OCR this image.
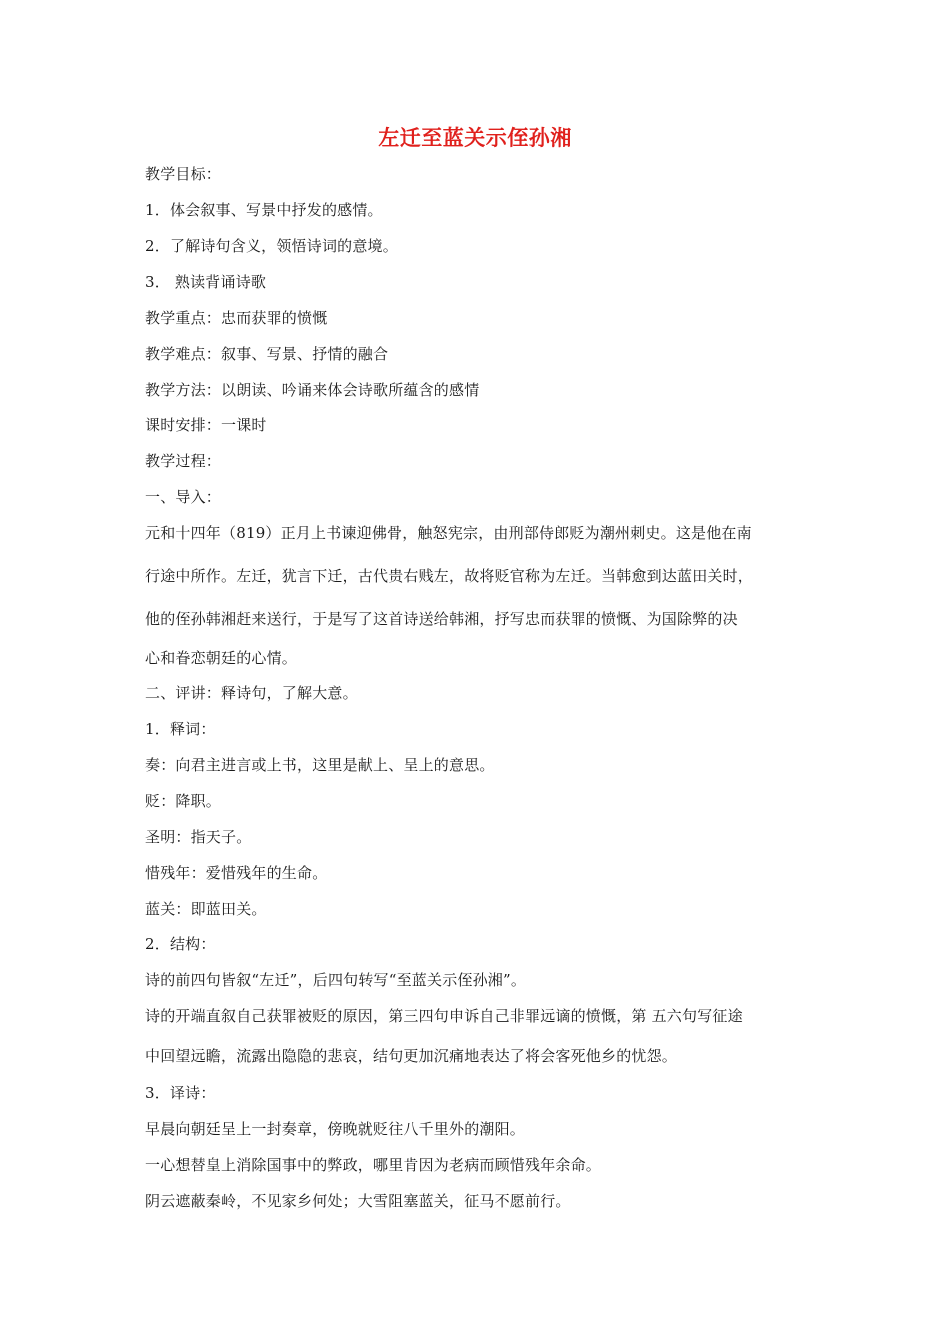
左迁至蓝关示侄孙湘
教学目标：
1．体会叙事、写景中抒发的感情。
2．了解诗句含义，领悟诗词的意境。
3． 熟读背诵诗歌
教学重点：忠而获罪的愤慨
教学难点：叙事、写景、抒情的融合
教学方法：以朗读、吟诵来体会诗歌所蕴含的感情
课时安排：一课时
教学过程：
一、导入：
元和十四年（819）正月上书谏迎佛骨，触怒宪宗，由刑部侍郎贬为潮州刺史。这是他在南
行途中所作。左迁，犹言下迁，古代贵右贱左，故将贬官称为左迁。当韩愈到达蓝田关时，
他的侄孙韩湘赶来送行，于是写了这首诗送给韩湘，抒写忠而获罪的愤慨、为国除弊的决
心和眷恋朝廷的心情。
二、评讲：释诗句，了解大意。
1．释词：
奏：向君主进言或上书，这里是献上、呈上的意思。
贬：降职。
圣明：指天子。
惜残年：爱惜残年的生命。
蓝关：即蓝田关。
2．结构：
诗的前四句皆叙“左迁”，后四句转写“至蓝关示侄孙湘”。
诗的开端直叙自己获罪被贬的原因，第三四句申诉自己非罪远谪的愤慨，第 五六句写征途
中回望远瞻，流露出隐隐的悲哀，结句更加沉痛地表达了将会客死他乡的忧怨。
3．译诗：
早晨向朝廷呈上一封奏章，傍晚就贬往八千里外的潮阳。
一心想替皇上消除国事中的弊政，哪里肯因为老病而顾惜残年余命。
阴云遮蔽秦岭，不见家乡何处；大雪阻塞蓝关，征马不愿前行。
